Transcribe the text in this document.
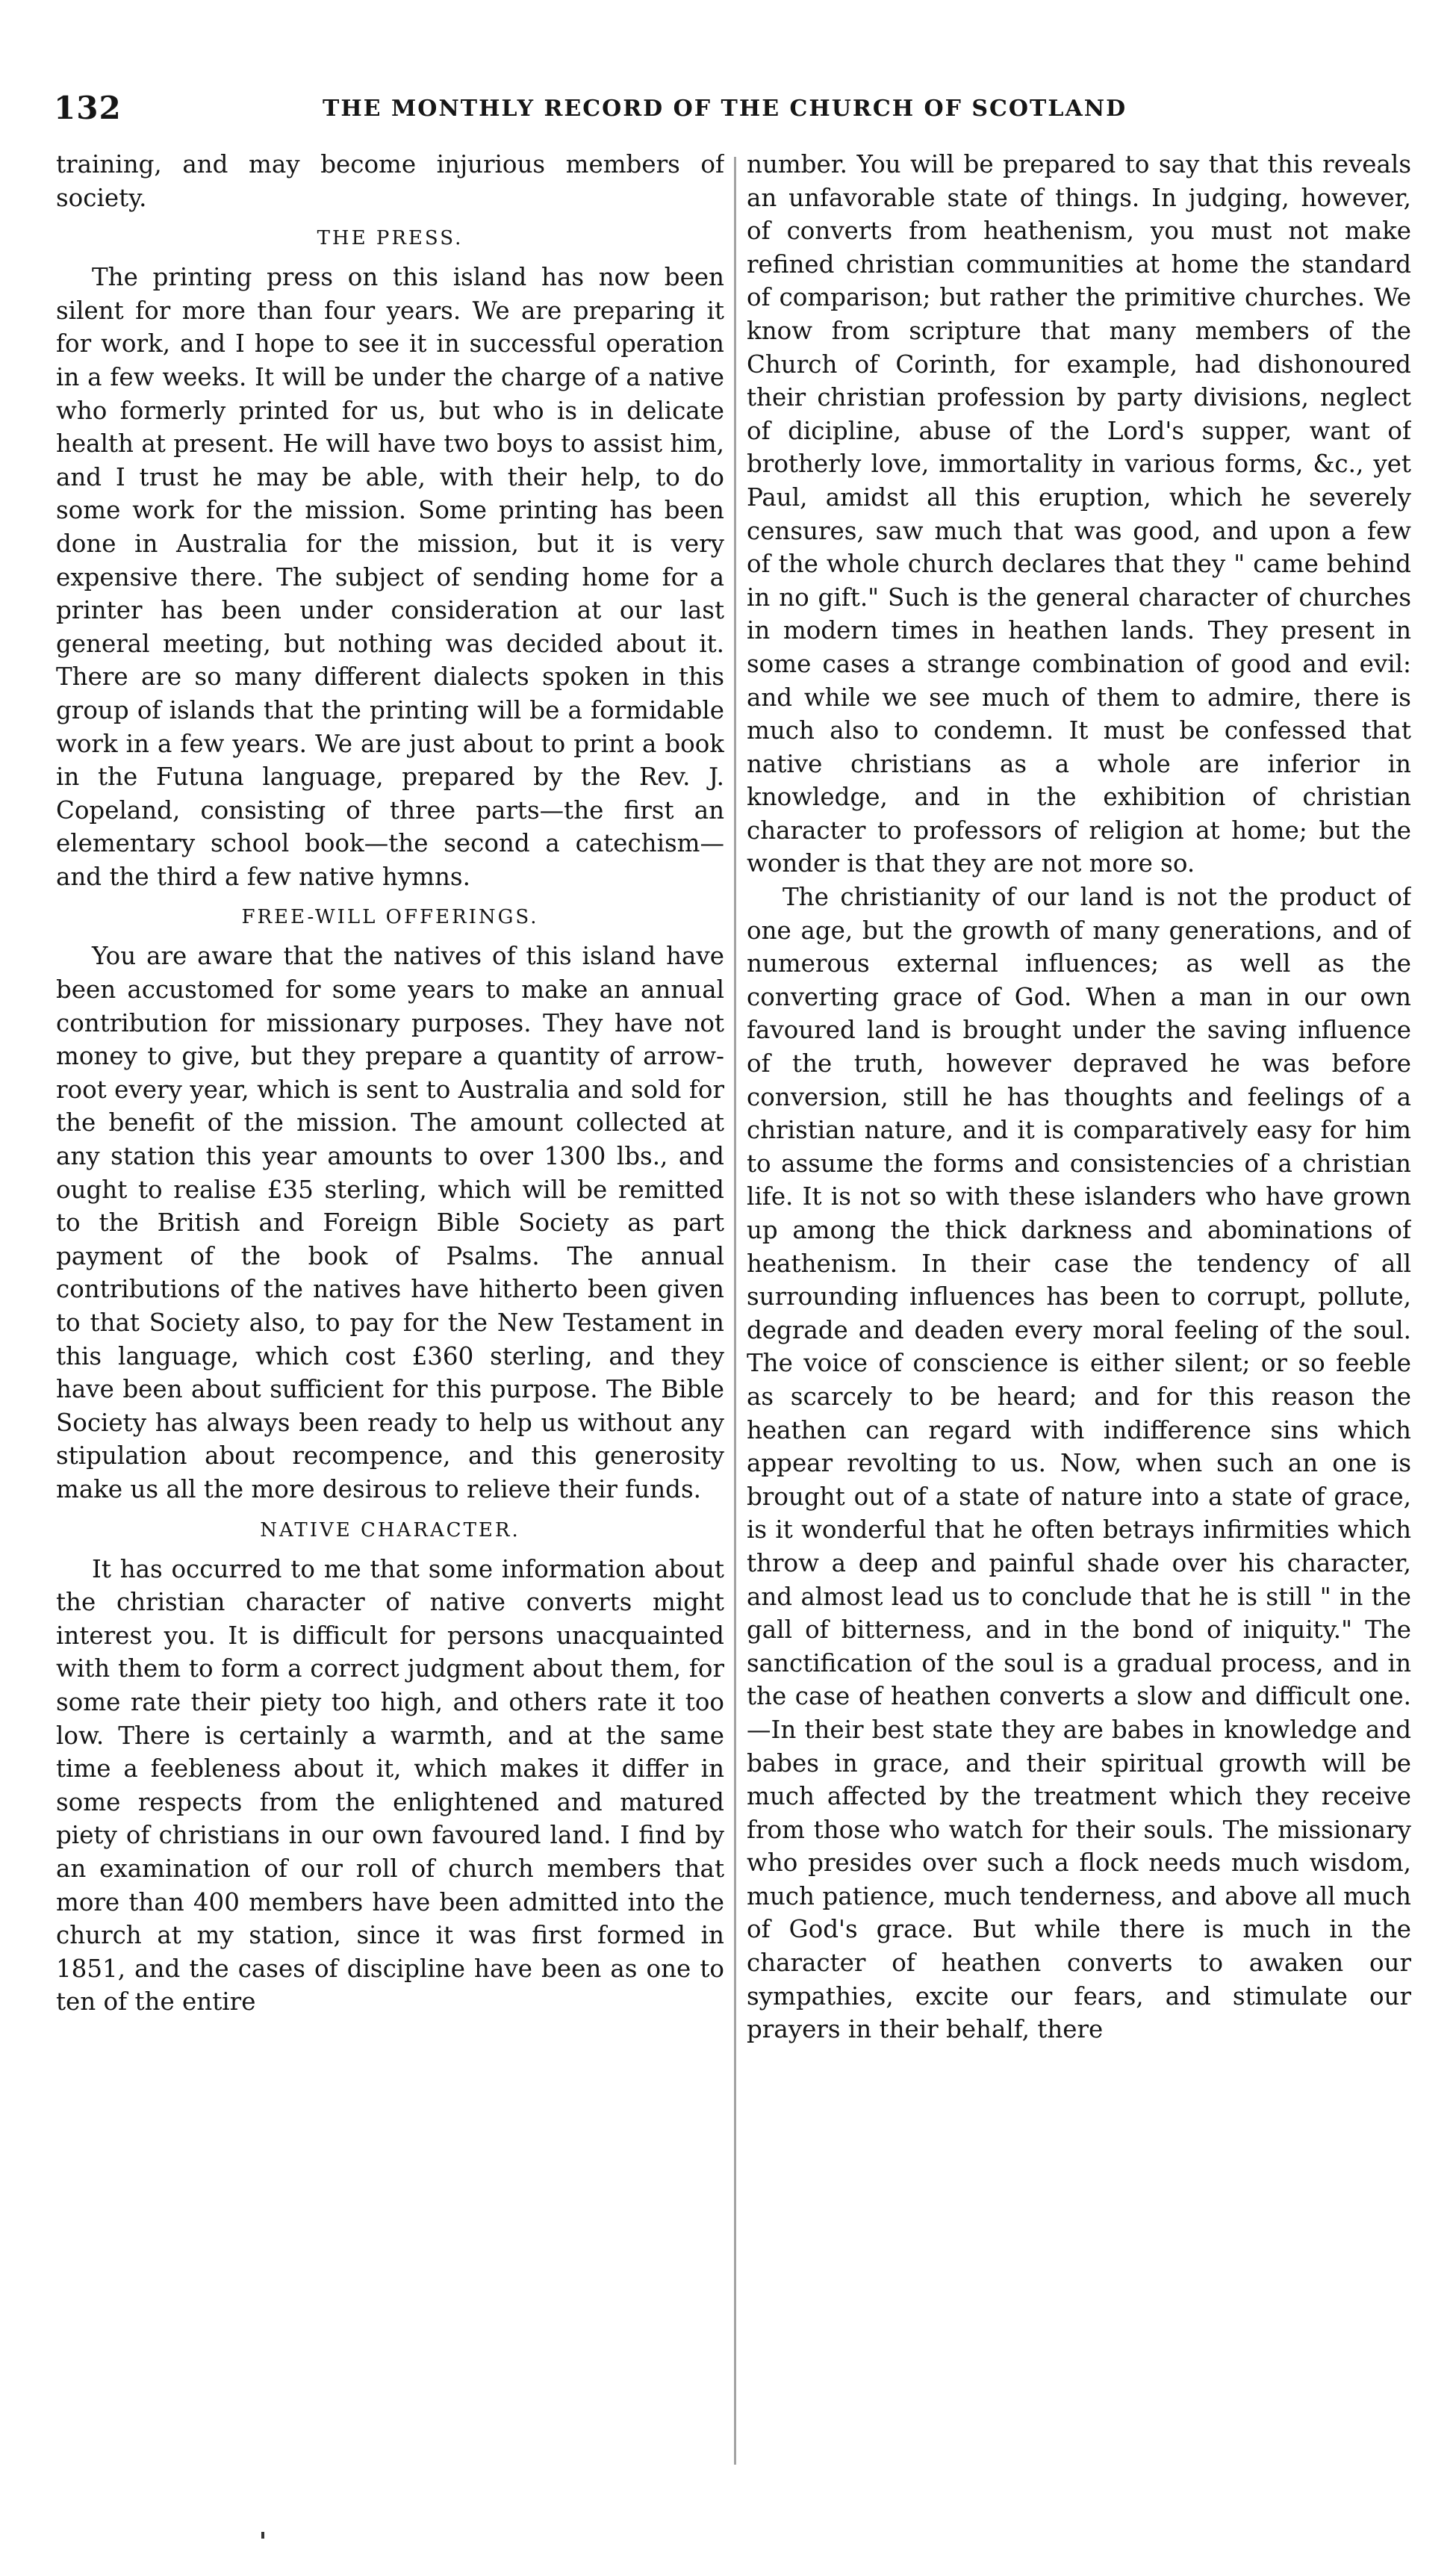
132	THE MONTHLY RECORD OF THE CHURCH OF SCOTLAND

training, and may become injurious members of society.

THE PRESS.

The printing press on this island has now been silent for more than four years. We are preparing it for work, and I hope to see it in successful operation in a few weeks. It will be under the charge of a native who formerly printed for us, but who is in delicate health at present. He will have two boys to assist him, and I trust he may be able, with their help, to do some work for the mission. Some printing has been done in Australia for the mission, but it is very expensive there. The subject of sending home for a printer has been under consideration at our last general meeting, but nothing was decided about it. There are so many different dialects spoken in this group of islands that the printing will be a formidable work in a few years. We are just about to print a book in the Futuna language, prepared by the Rev. J. Copeland, consisting of three parts—the first an elementary school book—the second a catechism—and the third a few native hymns.

FREE-WILL OFFERINGS.

You are aware that the natives of this island have been accustomed for some years to make an annual contribution for missionary purposes. They have not money to give, but they prepare a quantity of arrow-root every year, which is sent to Australia and sold for the benefit of the mission. The amount collected at any station this year amounts to over 1300 lbs., and ought to realise £35 sterling, which will be remitted to the British and Foreign Bible Society as part payment of the book of Psalms. The annual contributions of the natives have hitherto been given to that Society also, to pay for the New Testament in this language, which cost £360 sterling, and they have been about sufficient for this purpose. The Bible Society has always been ready to help us without any stipulation about recompence, and this generosity make us all the more desirous to relieve their funds.

NATIVE CHARACTER.

It has occurred to me that some information about the christian character of native converts might interest you. It is difficult for persons unacquainted with them to form a correct judgment about them, for some rate their piety too high, and others rate it too low. There is certainly a warmth, and at the same time a feebleness about it, which makes it differ in some respects from the enlightened and matured piety of christians in our own favoured land. I find by an examination of our roll of church members that more than 400 members have been admitted into the church at my station, since it was first formed in 1851, and the cases of discipline have been as one to ten of the entire

number. You will be prepared to say that this reveals an unfavorable state of things. In judging, however, of converts from heathenism, you must not make refined christian communities at home the standard of comparison; but rather the primitive churches. We know from scripture that many members of the Church of Corinth, for example, had dishonoured their christian profession by party divisions, neglect of dicipline, abuse of the Lord's supper, want of brotherly love, immortality in various forms, &c., yet Paul, amidst all this eruption, which he severely censures, saw much that was good, and upon a few of the whole church declares that they " came behind in no gift." Such is the general character of churches in modern times in heathen lands. They present in some cases a strange combination of good and evil: and while we see much of them to admire, there is much also to condemn. It must be confessed that native christians as a whole are inferior in knowledge, and in the exhibition of christian character to professors of religion at home; but the wonder is that they are not more so.

The christianity of our land is not the product of one age, but the growth of many generations, and of numerous external influences; as well as the converting grace of God. When a man in our own favoured land is brought under the saving influence of the truth, however depraved he was before conversion, still he has thoughts and feelings of a christian nature, and it is comparatively easy for him to assume the forms and consistencies of a christian life. It is not so with these islanders who have grown up among the thick darkness and abominations of heathenism. In their case the tendency of all surrounding influences has been to corrupt, pollute, degrade and deaden every moral feeling of the soul. The voice of conscience is either silent; or so feeble as scarcely to be heard; and for this reason the heathen can regard with indifference sins which appear revolting to us. Now, when such an one is brought out of a state of nature into a state of grace, is it wonderful that he often betrays infirmities which throw a deep and painful shade over his character, and almost lead us to conclude that he is still " in the gall of bitterness, and in the bond of iniquity." The sanctification of the soul is a gradual process, and in the case of heathen converts a slow and difficult one.—In their best state they are babes in knowledge and babes in grace, and their spiritual growth will be much affected by the treatment which they receive from those who watch for their souls. The missionary who presides over such a flock needs much wisdom, much patience, much tenderness, and above all much of God's grace. But while there is much in the character of heathen converts to awaken our sympathies, excite our fears, and stimulate our prayers in their behalf, there
